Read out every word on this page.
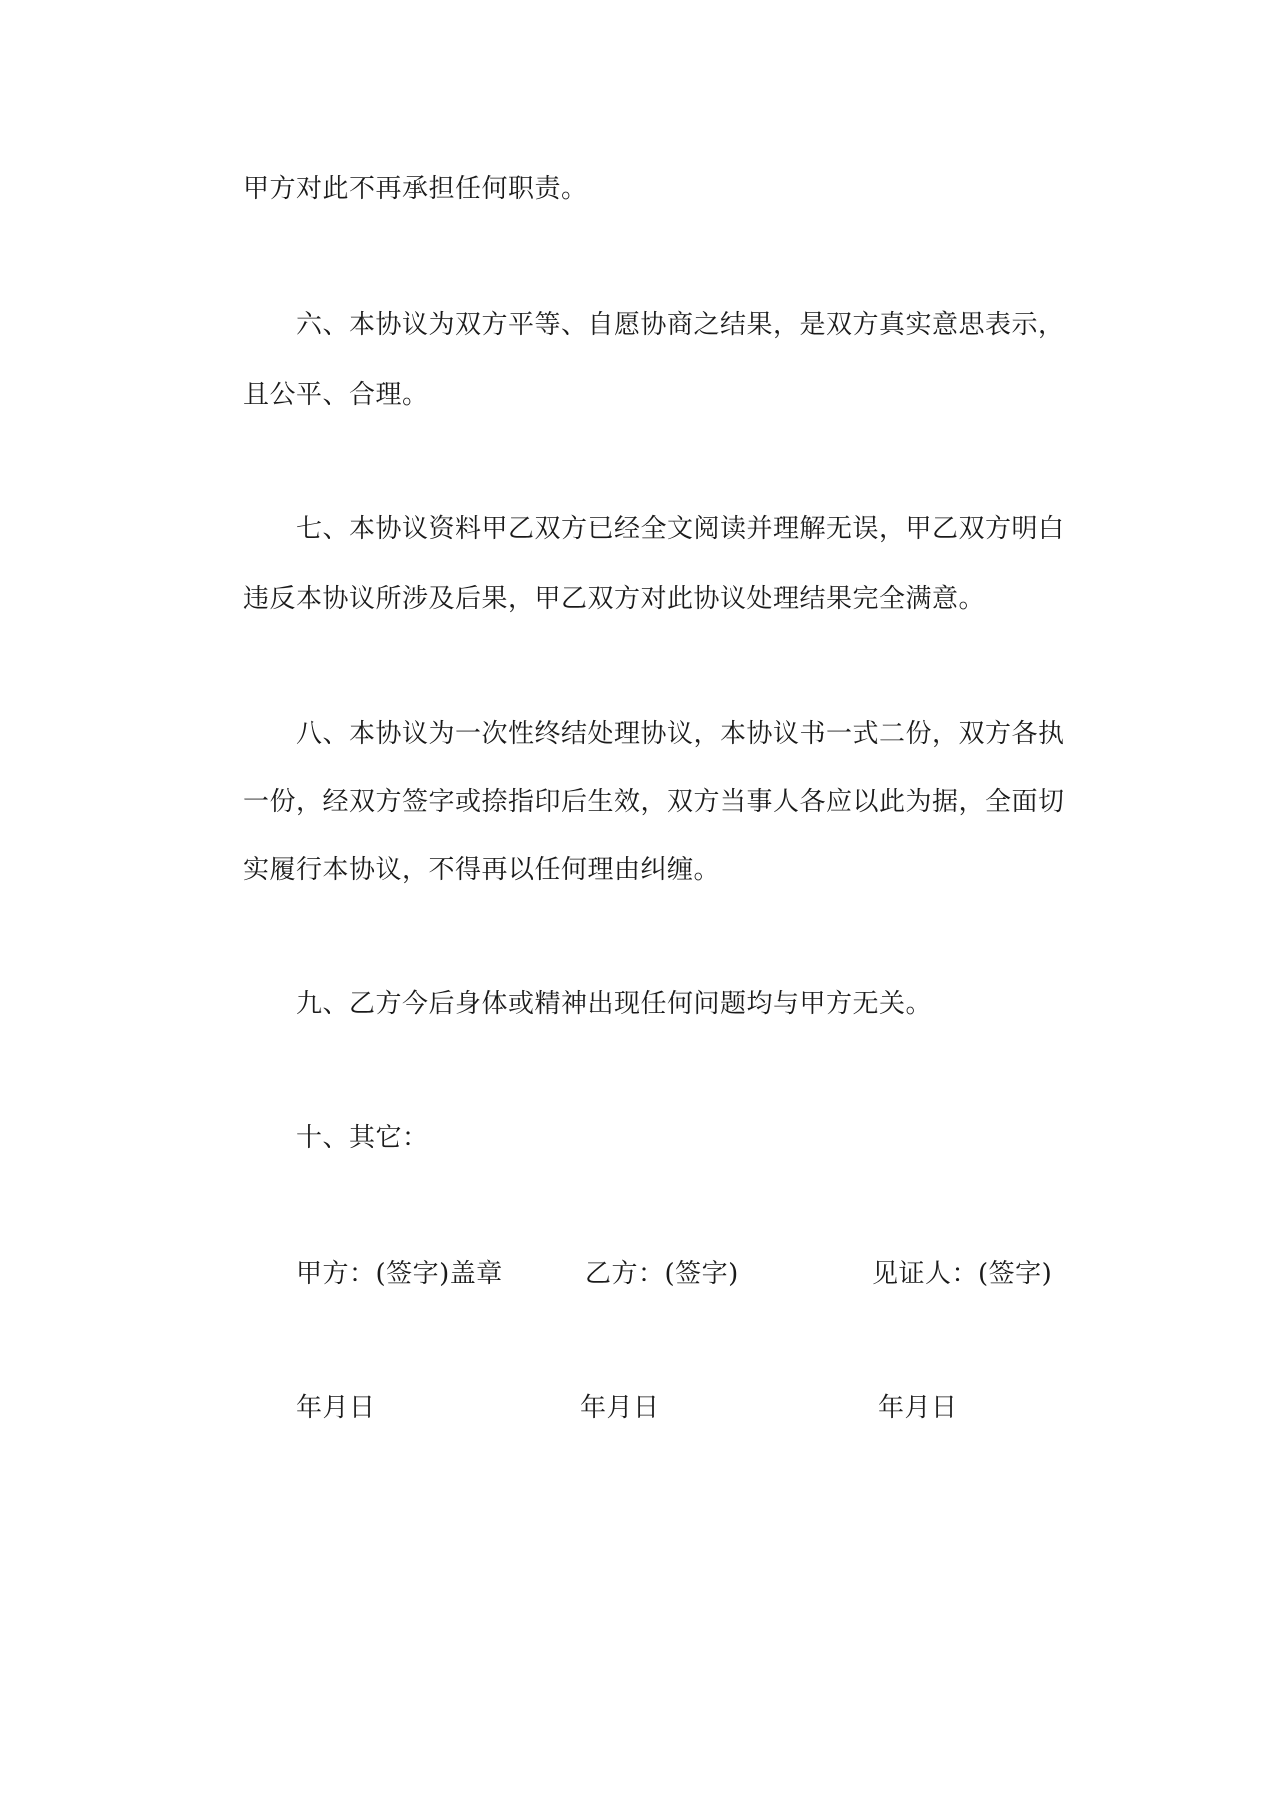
甲方对此不再承担任何职责。
六、本协议为双方平等、自愿协商之结果，是双方真实意思表示，
且公平、合理。
七、本协议资料甲乙双方已经全文阅读并理解无误，甲乙双方明白
违反本协议所涉及后果，甲乙双方对此协议处理结果完全满意。
八、本协议为一次性终结处理协议，本协议书一式二份，双方各执
一份，经双方签字或捺指印后生效，双方当事人各应以此为据，全面切
实履行本协议，不得再以任何理由纠缠。
九、乙方今后身体或精神出现任何问题均与甲方无关。
十、其它：
甲方：(签字)盖章	乙方：(签字)	见证人：(签字)
年月日	年月日	年月日
